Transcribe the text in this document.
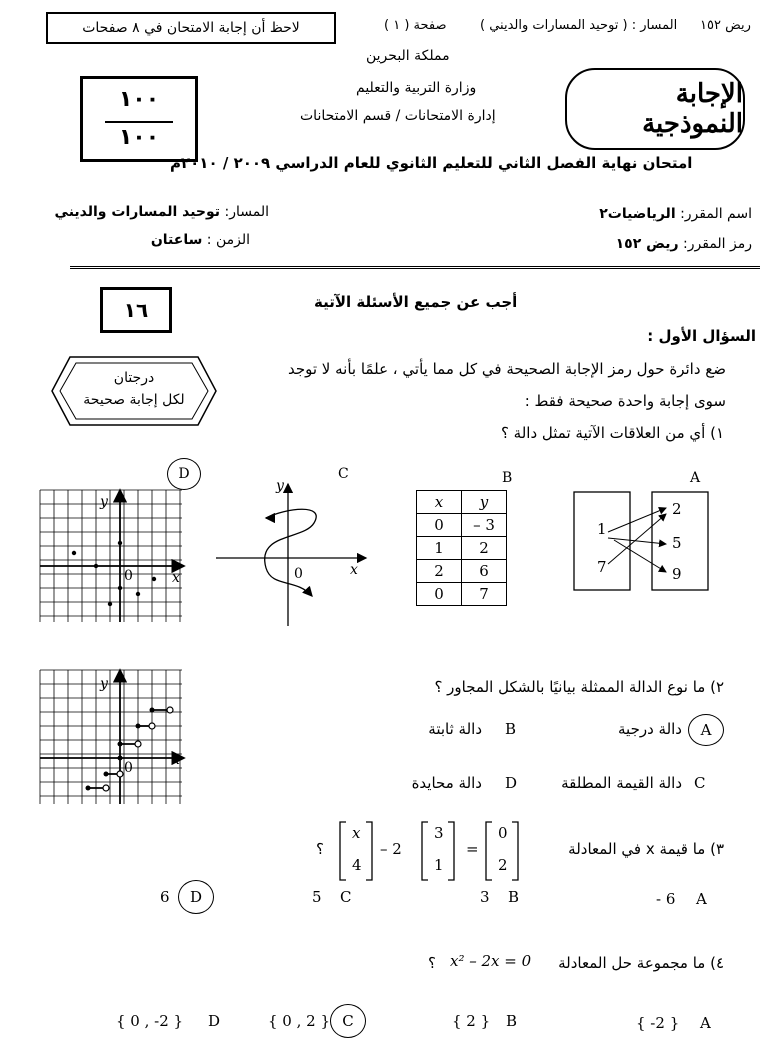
لاحظ أن إجابة الامتحان في ٨ صفحات	صفحة ( ١ )	المسار : ( توحيد المسارات والديني ) ريض ١٥٢
مملكة البحرين
وزارة التربية والتعليم
إدارة الامتحانات / قسم الامتحانات
الإجابة النموذجية
١٠٠
١٠٠
امتحان نهاية الفصل الثاني للتعليم الثانوي للعام الدراسي ٢٠٠٩ / ٢٠١٠م
اسم المقرر: الرياضيات٢
رمز المقرر: ريض ١٥٢
المسار: توحيد المسارات والديني
الزمن : ساعتان
أجب عن جميع الأسئلة الآتية
١٦
السؤال الأول :
ضع دائرة حول رمز الإجابة الصحيحة في كل مما يأتي ، علمًا بأنه لا توجد
سوى إجابة واحدة صحيحة فقط :
درجتان
لكل إجابة صحيحة
١) أي من العلاقات الآتية تمثل دالة ؟
A
B
C
D
1
7
2
5
9
x	y
0	– 3
1	2
2	6
0	7
y
x
0
y
x
0
٢) ما نوع الدالة الممثلة بيانيًا بالشكل المجاور ؟
y
x
0
A
دالة درجية
B
دالة ثابتة
C
دالة القيمة المطلقة
D
دالة محايدة
٣) ما قيمة x في المعادلة
؟
x
4
– 2
3
1
=
0
2
A
- 6
B
3
C
5
D
6
٤) ما مجموعة حل المعادلة
x² – 2x = 0
؟
A
{ -2 }
B
{ 2 }
C
{ 0 , 2 }
D
{ 0 , -2 }
